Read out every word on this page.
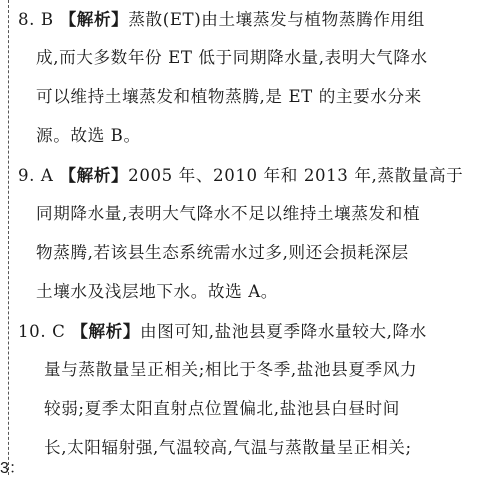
8. B 【解析】蒸散(ET)由土壤蒸发与植物蒸腾作用组
成,而大多数年份 ET 低于同期降水量,表明大气降水
可以维持土壤蒸发和植物蒸腾,是 ET 的主要水分来
源。故选 B。
9. A 【解析】2005 年、2010 年和 2013 年,蒸散量高于
同期降水量,表明大气降水不足以维持土壤蒸发和植
物蒸腾,若该县生态系统需水过多,则还会损耗深层
土壤水及浅层地下水。故选 A。
10. C 【解析】由图可知,盐池县夏季降水量较大,降水
量与蒸散量呈正相关;相比于冬季,盐池县夏季风力
较弱;夏季太阳直射点位置偏北,盐池县白昼时间
长,太阳辐射强,气温较高,气温与蒸散量呈正相关;
3：
